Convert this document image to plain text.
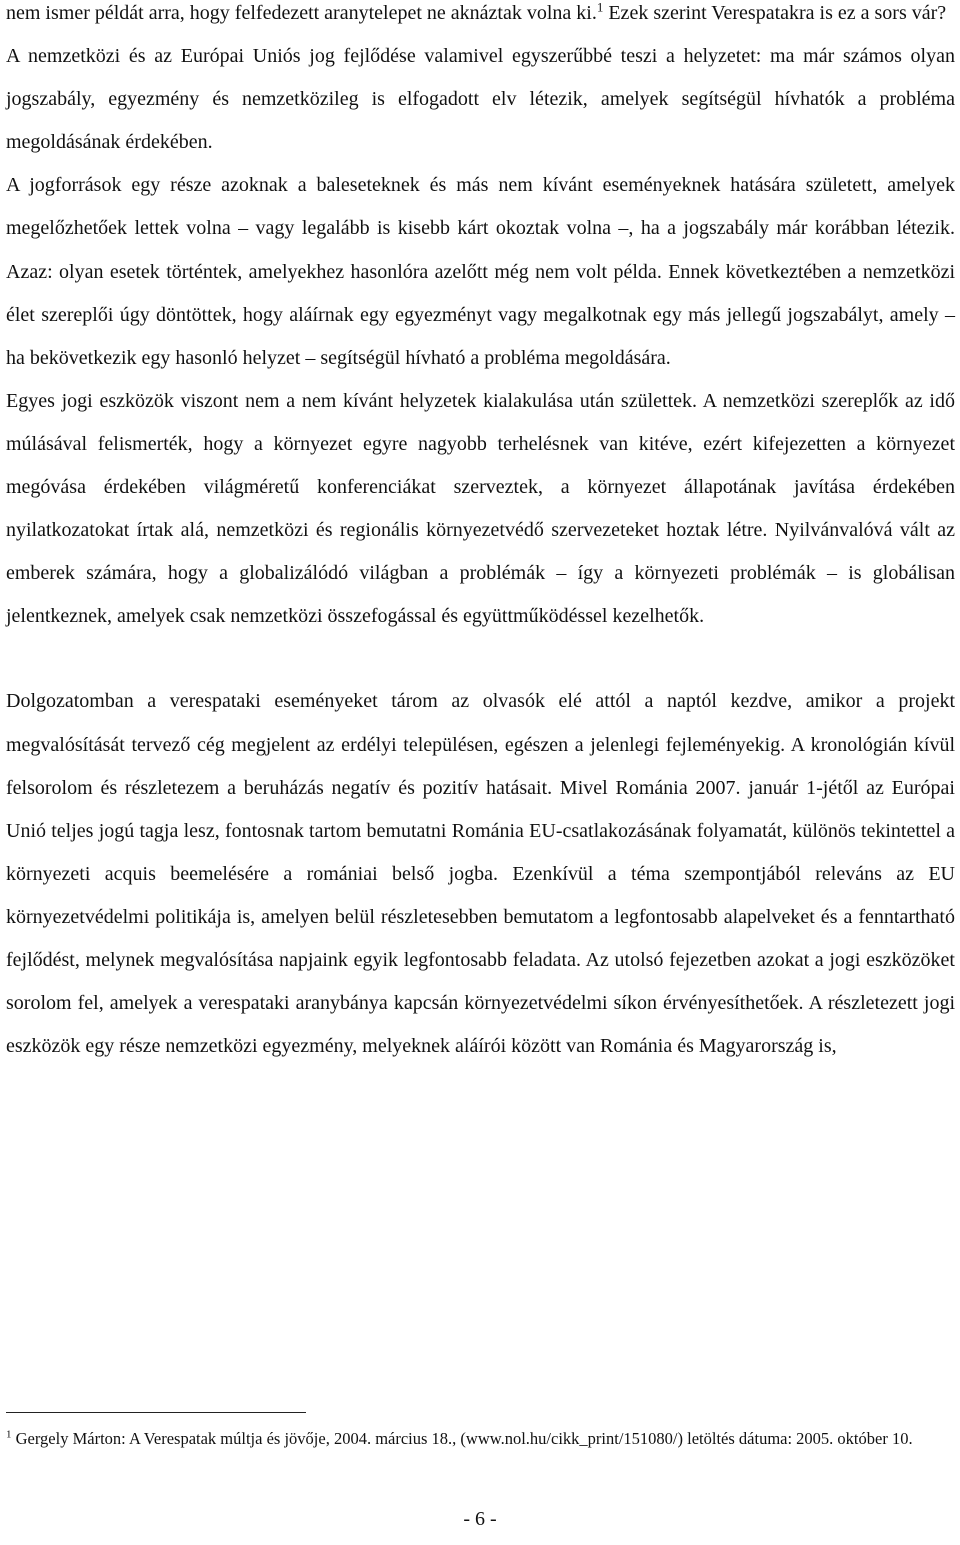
nem ismer példát arra, hogy felfedezett aranytelepet ne aknáztak volna ki.$^1$ Ezek szerint Verespatakra is ez a sors vár?

A nemzetközi és az Európai Uniós jog fejlődése valamivel egyszerűbbé teszi a helyzetet: ma már számos olyan jogszabály, egyezmény és nemzetközileg is elfogadott elv létezik, amelyek segítségül hívhatók a probléma megoldásának érdekében.

A jogforrások egy része azoknak a baleseteknek és más nem kívánt eseményeknek hatására született, amelyek megelőzhetőek lettek volna – vagy legalább is kisebb kárt okoztak volna –, ha a jogszabály már korábban létezik. Azaz: olyan esetek történtek, amelyekhez hasonlóra azelőtt még nem volt példa. Ennek következtében a nemzetközi élet szereplői úgy döntöttek, hogy aláírnak egy egyezményt vagy megalkotnak egy más jellegű jogszabályt, amely – ha bekövetkezik egy hasonló helyzet – segítségül hívható a probléma megoldására.

Egyes jogi eszközök viszont nem a nem kívánt helyzetek kialakulása után születtek. A nemzetközi szereplők az idő múlásával felismerték, hogy a környezet egyre nagyobb terhelésnek van kitéve, ezért kifejezetten a környezet megóvása érdekében világméretű konferenciákat szerveztek, a környezet állapotának javítása érdekében nyilatkozatokat írtak alá, nemzetközi és regionális környezetvédő szervezeteket hoztak létre. Nyilvánvalóvá vált az emberek számára, hogy a globalizálódó világban a problémák – így a környezeti problémák – is globálisan jelentkeznek, amelyek csak nemzetközi összefogással és együttműködéssel kezelhetők.

Dolgozatomban a verespataki eseményeket tárom az olvasók elé attól a naptól kezdve, amikor a projekt megvalósítását tervező cég megjelent az erdélyi településen, egészen a jelenlegi fejleményekig. A kronológián kívül felsorolom és részletezem a beruházás negatív és pozitív hatásait. Mivel Románia 2007. január 1-jétől az Európai Unió teljes jogú tagja lesz, fontosnak tartom bemutatni Románia EU-csatlakozásának folyamatát, különös tekintettel a környezeti acquis beemelésére a romániai belső jogba. Ezenkívül a téma szempontjából releváns az EU környezetvédelmi politikája is, amelyen belül részletesebben bemutatom a legfontosabb alapelveket és a fenntartható fejlődést, melynek megvalósítása napjaink egyik legfontosabb feladata. Az utolsó fejezetben azokat a jogi eszközöket sorolom fel, amelyek a verespataki aranybánya kapcsán környezetvédelmi síkon érvényesíthetőek. A részletezett jogi eszközök egy része nemzetközi egyezmény, melyeknek aláírói között van Románia és Magyarország is,

$^1$ Gergely Márton: A Verespatak múltja és jövője, 2004. március 18., (www.nol.hu/cikk_print/151080/) letöltés dátuma: 2005. október 10.

- 6 -
